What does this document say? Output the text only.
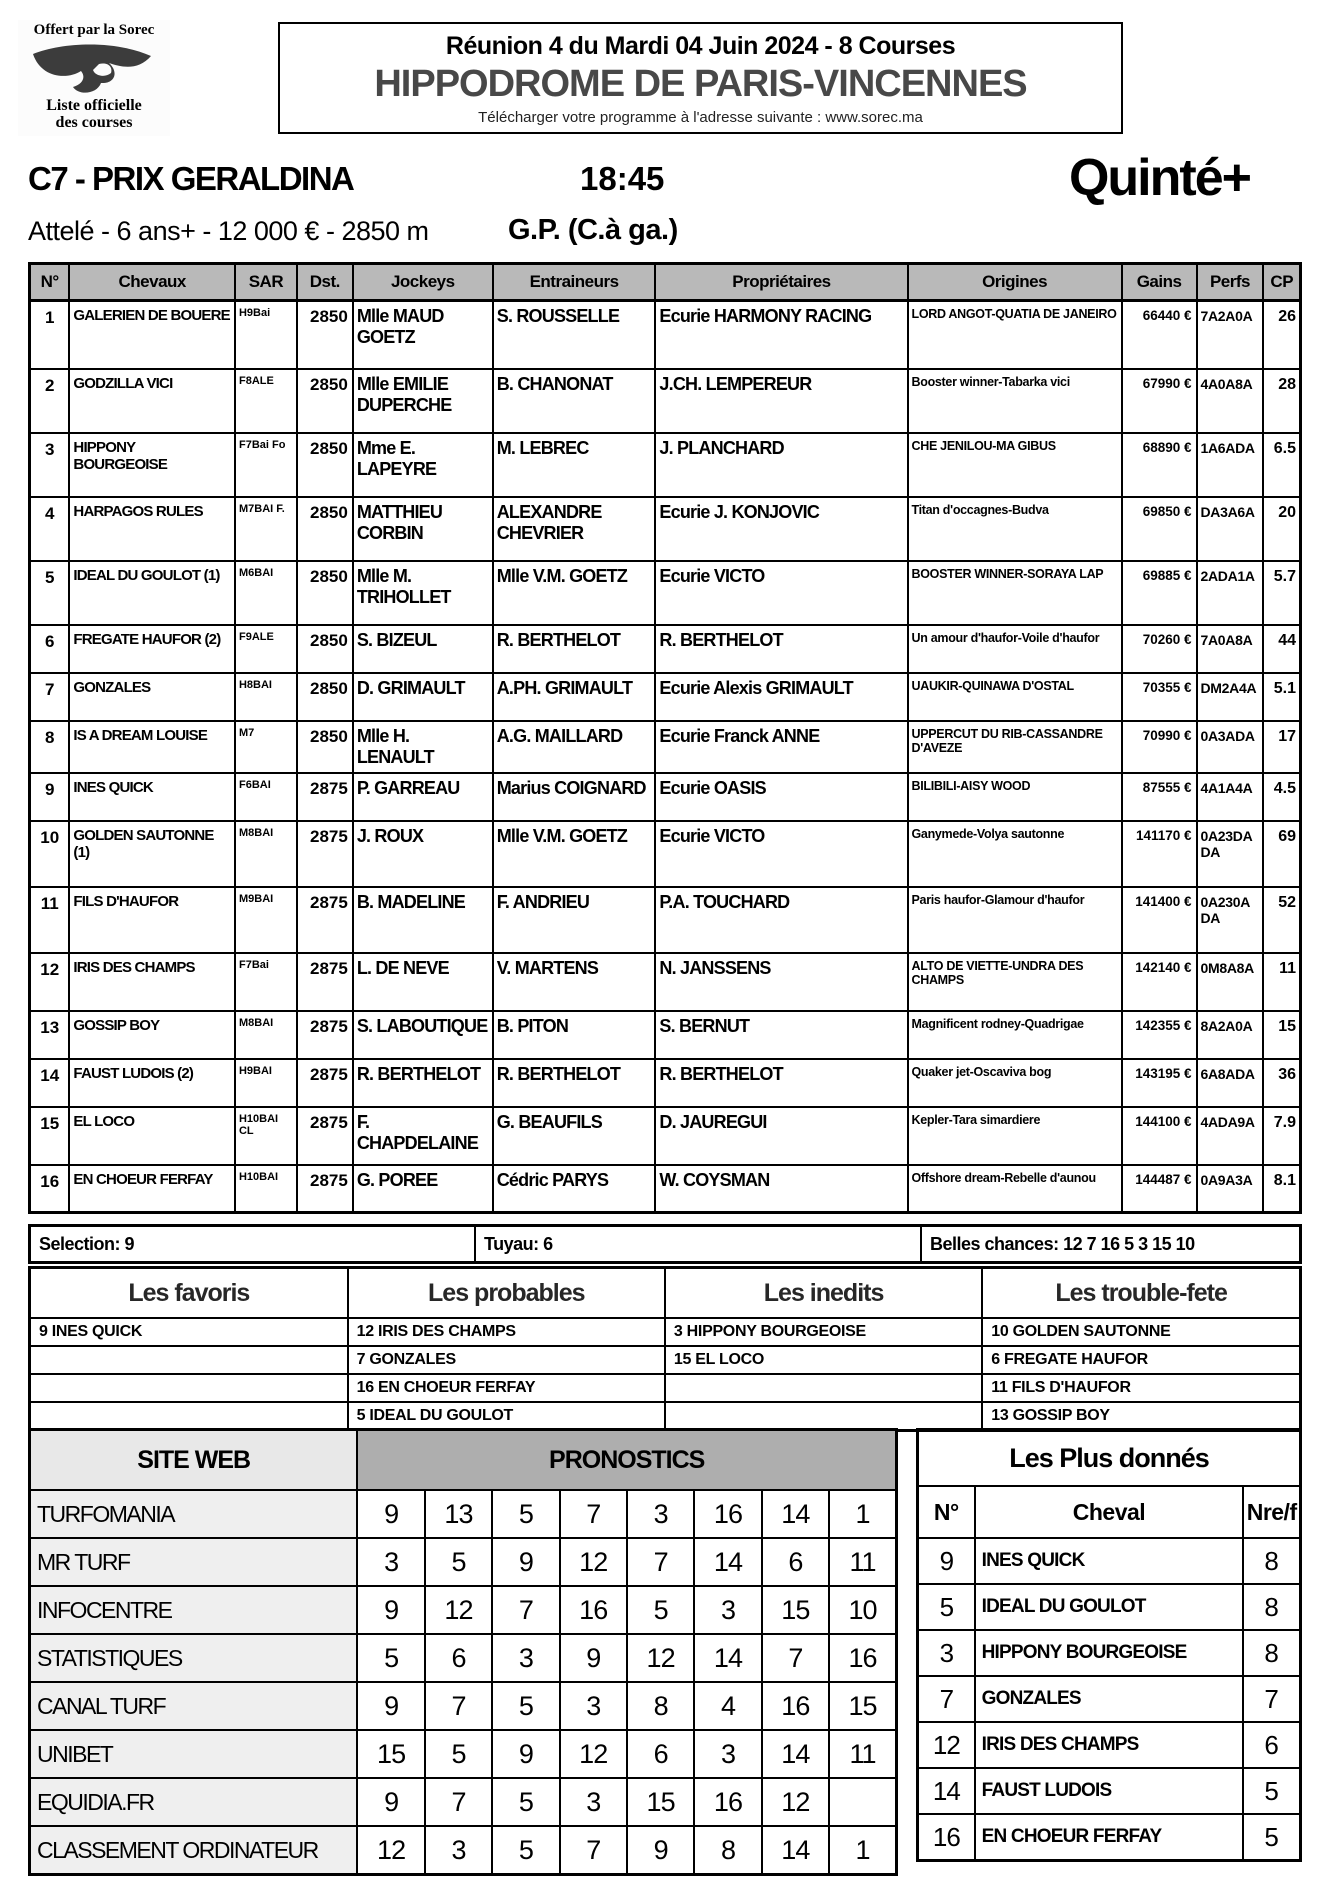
Offert par la Sorec
Liste officielle
des courses
Réunion 4 du Mardi 04 Juin 2024 - 8 Courses
HIPPODROME DE PARIS-VINCENNES
Télécharger votre programme à l'adresse suivante : www.sorec.ma
C7 - PRIX GERALDINA	18:45	Quinté+
Attelé - 6 ans+ - 12 000 € - 2850 m	G.P. (C.à ga.)
N°	Chevaux	SAR	Dst.	Jockeys	Entraineurs	Propriétaires	Origines	Gains	Perfs	CP
1	GALERIEN DE BOUERE	H9Bai	2850	Mlle MAUD GOETZ	S. ROUSSELLE	Ecurie HARMONY RACING	LORD ANGOT-QUATIA DE JANEIRO	66440 €	7A2A0A	26
2	GODZILLA VICI	F8ALE	2850	Mlle EMILIE DUPERCHE	B. CHANONAT	J.CH. LEMPEREUR	Booster winner-Tabarka vici	67990 €	4A0A8A	28
3	HIPPONY BOURGEOISE	F7Bai Fo	2850	Mme E. LAPEYRE	M. LEBREC	J. PLANCHARD	CHE JENILOU-MA GIBUS	68890 €	1A6ADA	6.5
4	HARPAGOS RULES	M7BAI F.	2850	MATTHIEU CORBIN	ALEXANDRE CHEVRIER	Ecurie J. KONJOVIC	Titan d'occagnes-Budva	69850 €	DA3A6A	20
5	IDEAL DU GOULOT (1)	M6BAI	2850	Mlle M. TRIHOLLET	Mlle V.M. GOETZ	Ecurie VICTO	BOOSTER WINNER-SORAYA LAP	69885 €	2ADA1A	5.7
6	FREGATE HAUFOR (2)	F9ALE	2850	S. BIZEUL	R. BERTHELOT	R. BERTHELOT	Un amour d'haufor-Voile d'haufor	70260 €	7A0A8A	44
7	GONZALES	H8BAI	2850	D. GRIMAULT	A.PH. GRIMAULT	Ecurie Alexis GRIMAULT	UAUKIR-QUINAWA D'OSTAL	70355 €	DM2A4A	5.1
8	IS A DREAM LOUISE	M7	2850	Mlle H. LENAULT	A.G. MAILLARD	Ecurie Franck ANNE	UPPERCUT DU RIB-CASSANDRE D'AVEZE	70990 €	0A3ADA	17
9	INES QUICK	F6BAI	2875	P. GARREAU	Marius COIGNARD	Ecurie OASIS	BILIBILI-AISY WOOD	87555 €	4A1A4A	4.5
10	GOLDEN SAUTONNE (1)	M8BAI	2875	J. ROUX	Mlle V.M. GOETZ	Ecurie VICTO	Ganymede-Volya sautonne	141170 €	0A23DA DA	69
11	FILS D'HAUFOR	M9BAI	2875	B. MADELINE	F. ANDRIEU	P.A. TOUCHARD	Paris haufor-Glamour d'haufor	141400 €	0A230A DA	52
12	IRIS DES CHAMPS	F7Bai	2875	L. DE NEVE	V. MARTENS	N. JANSSENS	ALTO DE VIETTE-UNDRA DES CHAMPS	142140 €	0M8A8A	11
13	GOSSIP BOY	M8BAI	2875	S. LABOUTIQUE	B. PITON	S. BERNUT	Magnificent rodney-Quadrigae	142355 €	8A2A0A	15
14	FAUST LUDOIS (2)	H9BAI	2875	R. BERTHELOT	R. BERTHELOT	R. BERTHELOT	Quaker jet-Oscaviva bog	143195 €	6A8ADA	36
15	EL LOCO	H10BAI CL	2875	F. CHAPDELAINE	G. BEAUFILS	D. JAUREGUI	Kepler-Tara simardiere	144100 €	4ADA9A	7.9
16	EN CHOEUR FERFAY	H10BAI	2875	G. POREE	Cédric PARYS	W. COYSMAN	Offshore dream-Rebelle d'aunou	144487 €	0A9A3A	8.1
Selection: 9	Tuyau: 6	Belles chances: 12 7 16 5 3 15 10
Les favoris	Les probables	Les inedits	Les trouble-fete
9 INES QUICK	12 IRIS DES CHAMPS	3 HIPPONY BOURGEOISE	10 GOLDEN SAUTONNE
	7 GONZALES	15 EL LOCO	6 FREGATE HAUFOR
	16 EN CHOEUR FERFAY		11 FILS D'HAUFOR
	5 IDEAL DU GOULOT		13 GOSSIP BOY
SITE WEB	PRONOSTICS							
TURFOMANIA	9	13	5	7	3	16	14	1
MR TURF	3	5	9	12	7	14	6	11
INFOCENTRE	9	12	7	16	5	3	15	10
STATISTIQUES	5	6	3	9	12	14	7	16
CANAL TURF	9	7	5	3	8	4	16	15
UNIBET	15	5	9	12	6	3	14	11
EQUIDIA.FR	9	7	5	3	15	16	12	
CLASSEMENT ORDINATEUR	12	3	5	7	9	8	14	1
Les Plus donnés		
N°	Cheval	Nre/f
9	INES QUICK	8
5	IDEAL DU GOULOT	8
3	HIPPONY BOURGEOISE	8
7	GONZALES	7
12	IRIS DES CHAMPS	6
14	FAUST LUDOIS	5
16	EN CHOEUR FERFAY	5
